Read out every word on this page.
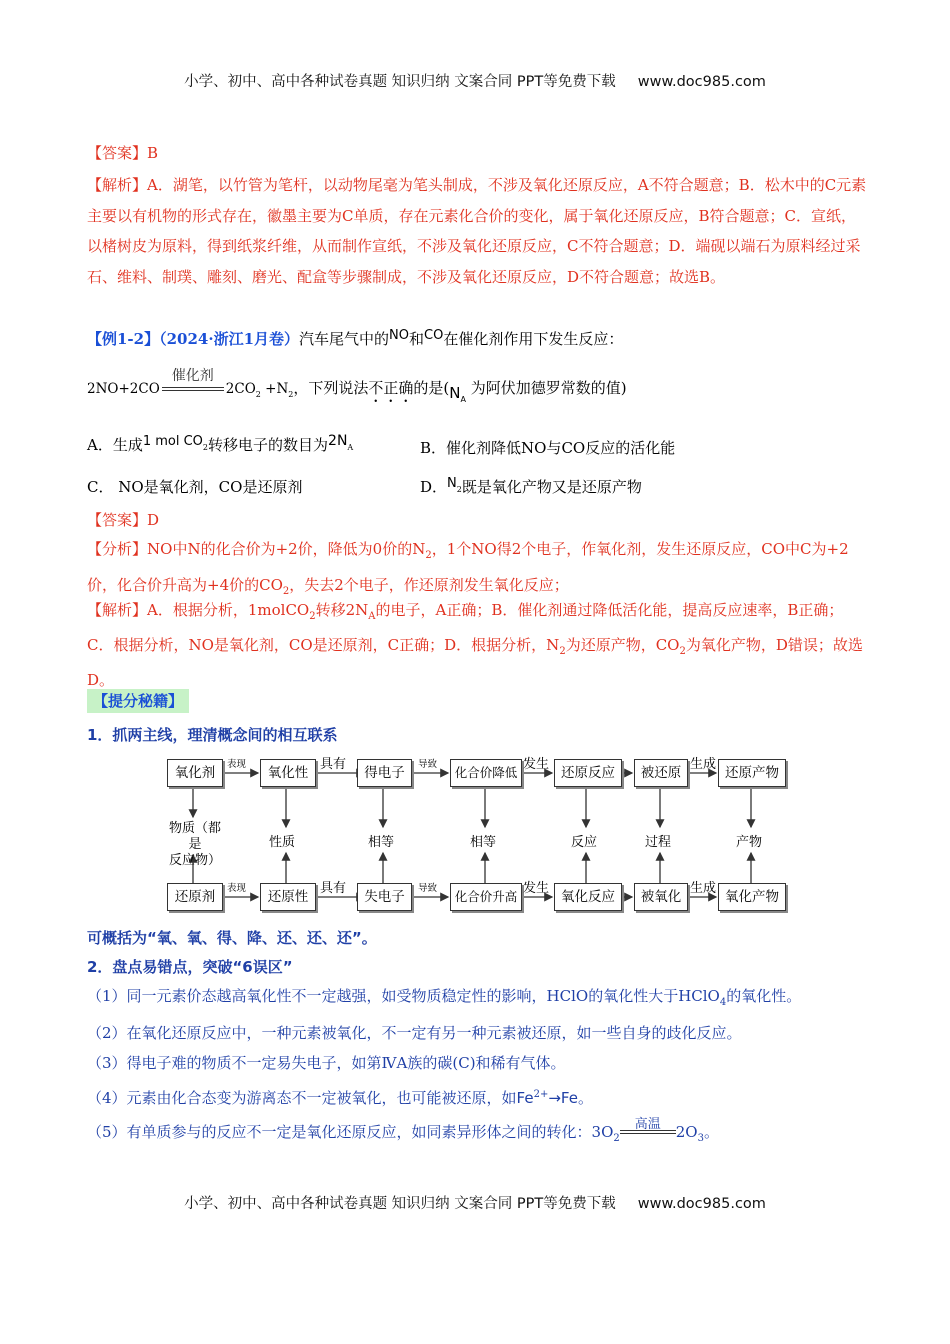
小学、初中、高中各种试卷真题 知识归纳 文案合同 PPT等免费下载 www.doc985.com

【答案】B

【解析】A．湖笔，以竹管为笔杆，以动物尾毫为笔头制成，不涉及氧化还原反应，A不符合题意；B．松木中的C元素主要以有机物的形式存在，徽墨主要为C单质，存在元素化合价的变化，属于氧化还原反应，B符合题意；C．宣纸，以楮树皮为原料，得到纸浆纤维，从而制作宣纸，不涉及氧化还原反应，C不符合题意；D．端砚以端石为原料经过采石、维料、制璞、雕刻、磨光、配盒等步骤制成，不涉及氧化还原反应，D不符合题意；故选B。

【例1-2】（2024·浙江1月卷）汽车尾气中的NO和CO在催化剂作用下发生反应：

2NO+2CO
催化剂
$2CO_2 +N_2$，下列说法不正确的是($N_A$ 为阿伏加德罗常数的值)

A．生成1 mol $CO_2$转移电子的数目为$2N_A$	B．催化剂降低NO与CO反应的活化能
C． NO是氧化剂，CO是还原剂	D．$N_2$既是氧化产物又是还原产物

【答案】D

【分析】NO中N的化合价为+2价，降低为0价的$N_2$，1个NO得2个电子，作氧化剂，发生还原反应，CO中C为+2价，化合价升高为+4价的$CO_2$，失去2个电子，作还原剂发生氧化反应；

【解析】A．根据分析，1molCO$_2$转移$2N_A$的电子，A正确；B．催化剂通过降低活化能，提高反应速率，B正确；C．根据分析，NO是氧化剂，CO是还原剂，C正确；D．根据分析，$N_2$为还原产物，$CO_2$为氧化产物，D错误；故选D。

【提分秘籍】
1．抓两主线，理清概念间的相互联系
氧化剂	氧化性	得电子	化合价降低	还原反应	被还原	还原产物
表现	具有	导致	发生	生成
物质（都是
反应物）
性质	相等	相等	反应	过程	产物
还原剂	还原性	失电子	化合价升高	氧化反应	被氧化	氧化产物
表现	具有	导致	发生	生成
可概括为“氧、氧、得、降、还、还、还”。
2．盘点易错点，突破“6误区”

（1）同一元素价态越高氧化性不一定越强，如受物质稳定性的影响，HClO的氧化性大于HClO$_4$的氧化性。

（2）在氧化还原反应中，一种元素被氧化，不一定有另一种元素被还原，如一些自身的歧化反应。

（3）得电子难的物质不一定易失电子，如第ⅣA族的碳(C)和稀有气体。

（4）元素由化合态变为游离态不一定被氧化，也可能被还原，如$Fe^{2+}\to Fe$。

（5）有单质参与的反应不一定是氧化还原反应，如同素异形体之间的转化：$3O_2$
高温	$2O_3$。

小学、初中、高中各种试卷真题 知识归纳 文案合同 PPT等免费下载 www.doc985.com
